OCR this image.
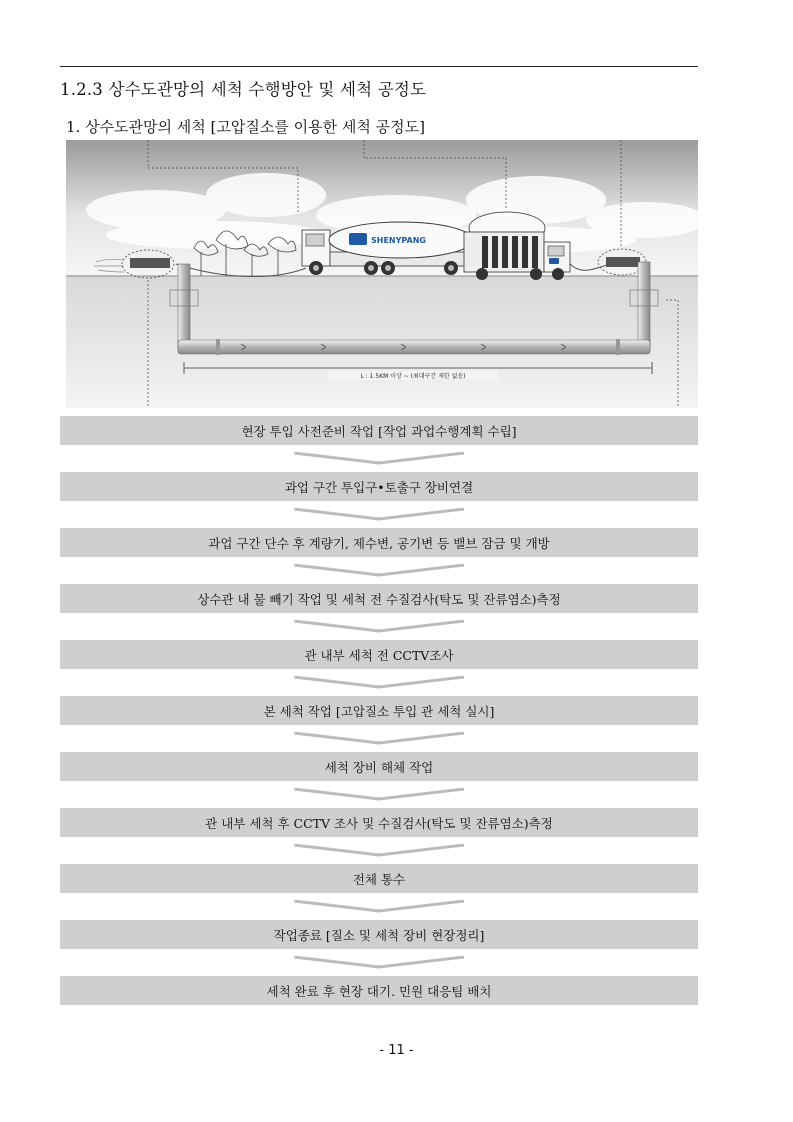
1.2.3 상수도관망의 세척 수행방안 및 세척 공정도
1. 상수도관망의 세척 [고압질소를 이용한 세척 공정도]
SHENYPANG
L : 1.5KM 이상 ~ (최대구간 제한 없음)
현장 투입 사전준비 작업 [작업 과업수행계획 수립]
과업 구간 투입구•토출구 장비연결
과업 구간 단수 후 계량기, 제수변, 공기변 등 밸브 잠금 및 개방
상수관 내 물 빼기 작업 및 세척 전 수질검사(탁도 및 잔류염소)측정
관 내부 세척 전 CCTV조사
본 세척 작업 [고압질소 투입 관 세척 실시]
세척 장비 해체 작업
관 내부 세척 후 CCTV 조사 및 수질검사(탁도 및 잔류염소)측정
전체 통수
작업종료 [질소 및 세척 장비 현장정리]
세척 완료 후 현장 대기. 민원 대응팀 배치
- 11 -
